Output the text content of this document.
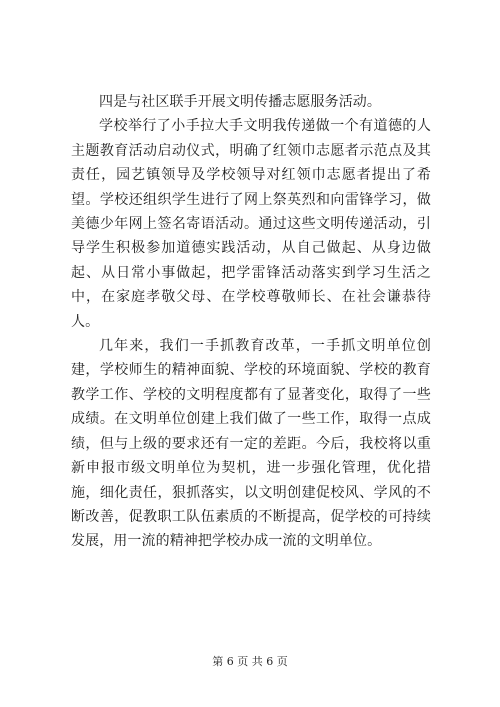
四是与社区联手开展文明传播志愿服务活动。

学校举行了小手拉大手文明我传递做一个有道德的人主题教育活动启动仪式，明确了红领巾志愿者示范点及其责任，园艺镇领导及学校领导对红领巾志愿者提出了希望。学校还组织学生进行了网上祭英烈和向雷锋学习，做美德少年网上签名寄语活动。通过这些文明传递活动，引导学生积极参加道德实践活动，从自己做起、从身边做起、从日常小事做起，把学雷锋活动落实到学习生活之中，在家庭孝敬父母、在学校尊敬师长、在社会谦恭待人。

几年来，我们一手抓教育改革，一手抓文明单位创建，学校师生的精神面貌、学校的环境面貌、学校的教育教学工作、学校的文明程度都有了显著变化，取得了一些成绩。在文明单位创建上我们做了一些工作，取得一点成绩，但与上级的要求还有一定的差距。今后，我校将以重新申报市级文明单位为契机，进一步强化管理，优化措施，细化责任，狠抓落实，以文明创建促校风、学风的不断改善，促教职工队伍素质的不断提高，促学校的可持续发展，用一流的精神把学校办成一流的文明单位。

第 6 页 共 6 页
